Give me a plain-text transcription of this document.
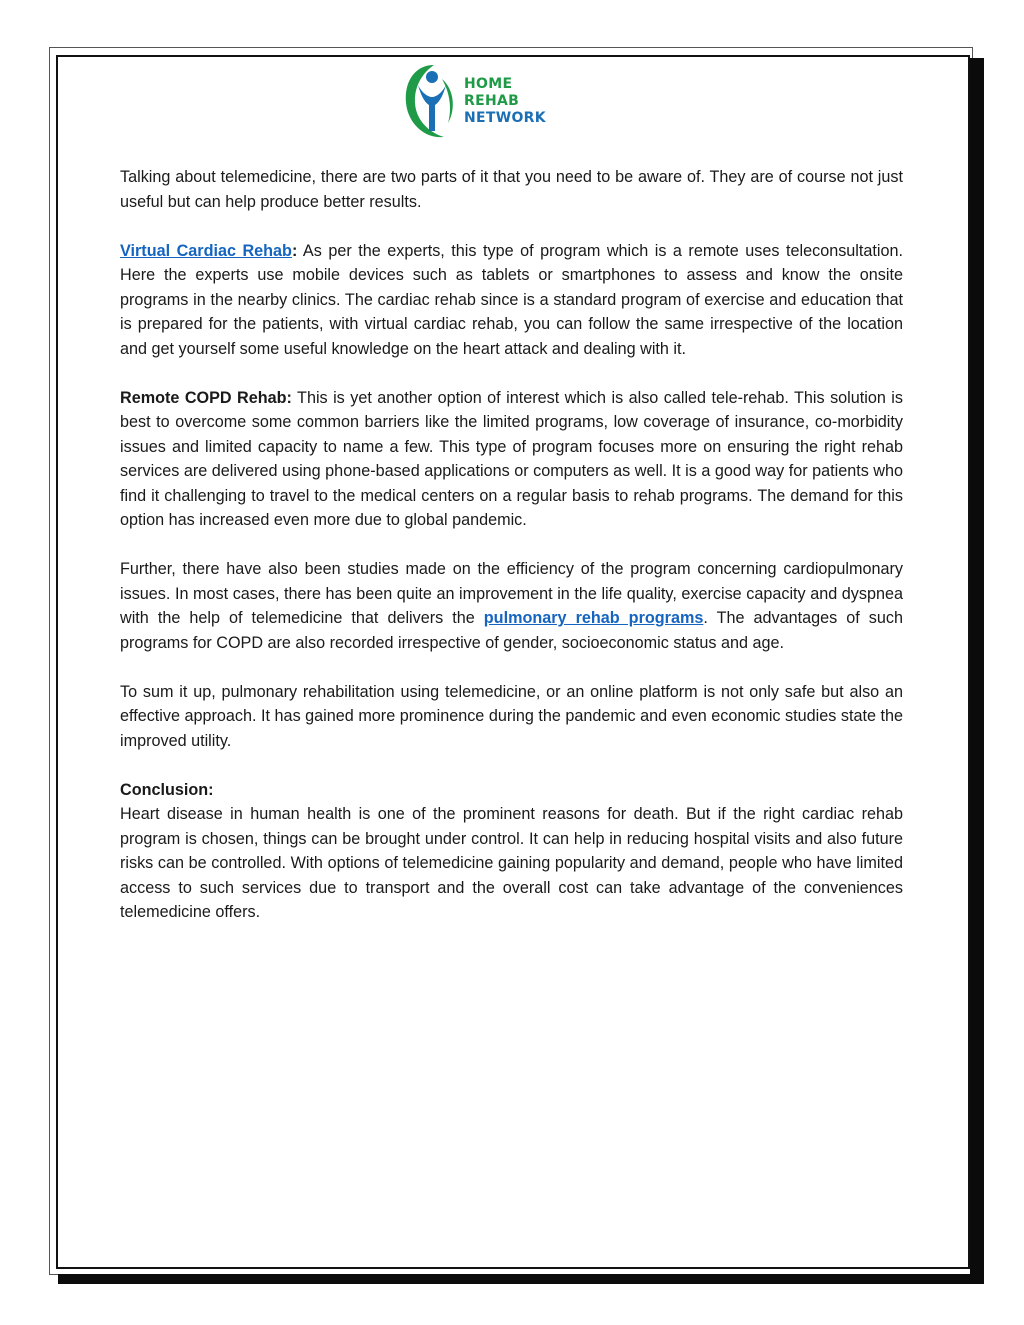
HOME
REHAB
NETWORK

Talking about telemedicine, there are two parts of it that you need to be aware of. They are of course not just useful but can help produce better results.

Virtual Cardiac Rehab: As per the experts, this type of program which is a remote uses teleconsultation. Here the experts use mobile devices such as tablets or smartphones to assess and know the onsite programs in the nearby clinics. The cardiac rehab since is a standard program of exercise and education that is prepared for the patients, with virtual cardiac rehab, you can follow the same irrespective of the location and get yourself some useful knowledge on the heart attack and dealing with it.

Remote COPD Rehab: This is yet another option of interest which is also called tele-rehab. This solution is best to overcome some common barriers like the limited programs, low coverage of insurance, co-morbidity issues and limited capacity to name a few. This type of program focuses more on ensuring the right rehab services are delivered using phone-based applications or computers as well. It is a good way for patients who find it challenging to travel to the medical centers on a regular basis to rehab programs. The demand for this option has increased even more due to global pandemic.

Further, there have also been studies made on the efficiency of the program concerning cardiopulmonary issues. In most cases, there has been quite an improvement in the life quality, exercise capacity and dyspnea with the help of telemedicine that delivers the pulmonary rehab programs. The advantages of such programs for COPD are also recorded irrespective of gender, socioeconomic status and age.

To sum it up, pulmonary rehabilitation using telemedicine, or an online platform is not only safe but also an effective approach. It has gained more prominence during the pandemic and even economic studies state the improved utility.

Conclusion:
Heart disease in human health is one of the prominent reasons for death. But if the right cardiac rehab program is chosen, things can be brought under control. It can help in reducing hospital visits and also future risks can be controlled. With options of telemedicine gaining popularity and demand, people who have limited access to such services due to transport and the overall cost can take advantage of the conveniences telemedicine offers.
